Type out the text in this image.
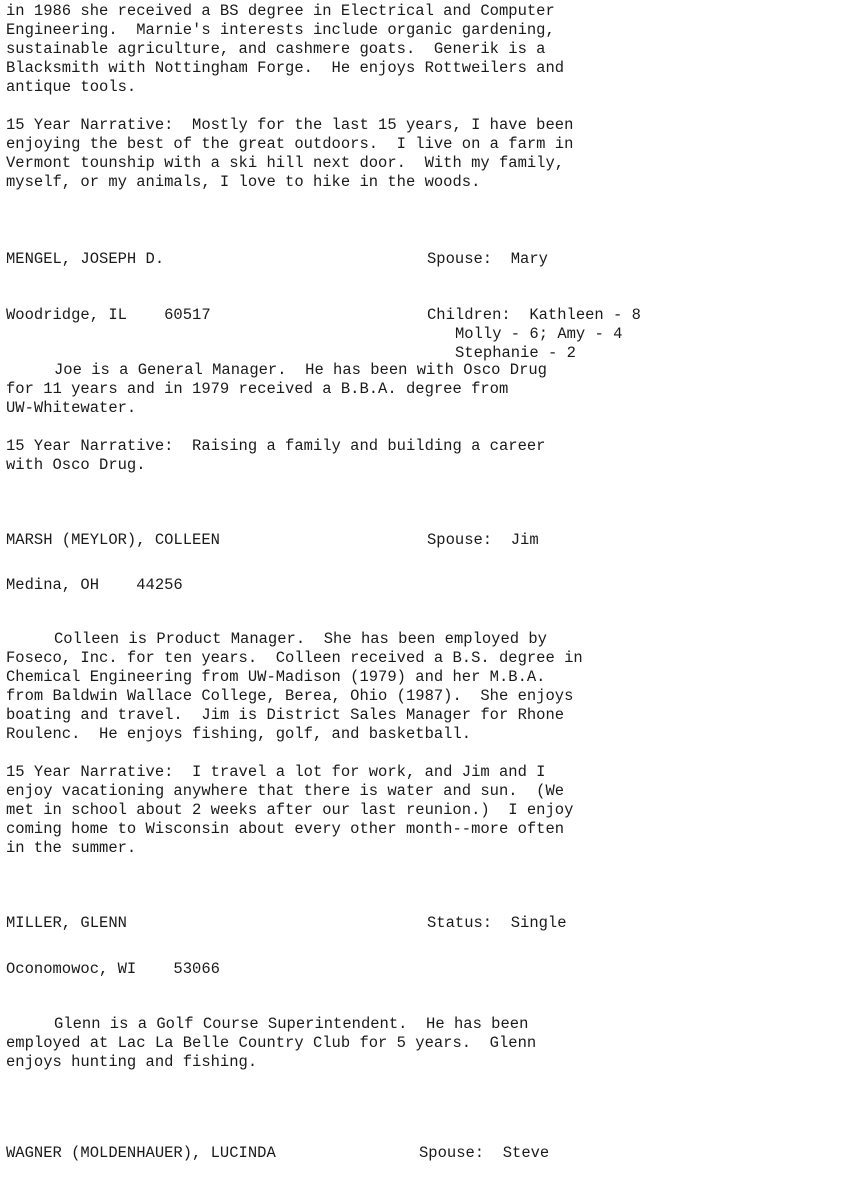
in 1986 she received a BS degree in Electrical and Computer
Engineering.  Marnie's interests include organic gardening,
sustainable agriculture, and cashmere goats.  Generik is a
Blacksmith with Nottingham Forge.  He enjoys Rottweilers and
antique tools.
15 Year Narrative:  Mostly for the last 15 years, I have been
enjoying the best of the great outdoors.  I live on a farm in
Vermont tounship with a ski hill next door.  With my family,
myself, or my animals, I love to hike in the woods.
MENGEL, JOSEPH D.	Spouse:  Mary
Woodridge, IL    60517	Children:  Kathleen - 8
Molly - 6; Amy - 4
Stephanie - 2
Joe is a General Manager.  He has been with Osco Drug
for 11 years and in 1979 received a B.B.A. degree from
UW-Whitewater.
15 Year Narrative:  Raising a family and building a career
with Osco Drug.
MARSH (MEYLOR), COLLEEN	Spouse:  Jim
Medina, OH    44256
Colleen is Product Manager.  She has been employed by
Foseco, Inc. for ten years.  Colleen received a B.S. degree in
Chemical Engineering from UW-Madison (1979) and her M.B.A.
from Baldwin Wallace College, Berea, Ohio (1987).  She enjoys
boating and travel.  Jim is District Sales Manager for Rhone
Roulenc.  He enjoys fishing, golf, and basketball.
15 Year Narrative:  I travel a lot for work, and Jim and I
enjoy vacationing anywhere that there is water and sun.  (We
met in school about 2 weeks after our last reunion.)  I enjoy
coming home to Wisconsin about every other month--more often
in the summer.
MILLER, GLENN	Status:  Single
Oconomowoc, WI    53066
Glenn is a Golf Course Superintendent.  He has been
employed at Lac La Belle Country Club for 5 years.  Glenn
enjoys hunting and fishing.
WAGNER (MOLDENHAUER), LUCINDA	Spouse:  Steve
